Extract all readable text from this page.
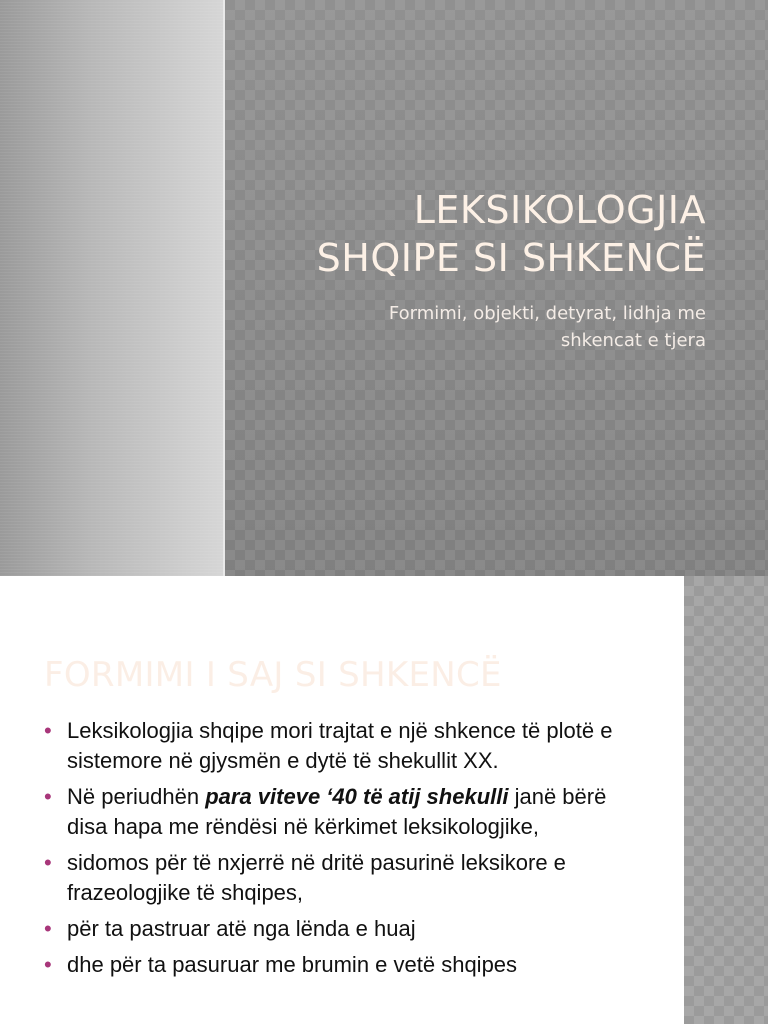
LEKSIKOLOGJIA
SHQIPE SI SHKENCË
Formimi, objekti, detyrat, lidhja me
shkencat e tjera
FORMIMI I SAJ SI SHKENCË
• Leksikologjia shqipe mori trajtat e një shkence të plotë e sistemore në gjysmën e dytë të shekullit XX.
• Në periudhën para viteve ‘40 të atij shekulli janë bërë disa hapa me rëndësi në kërkimet leksikologjike,
• sidomos për të nxjerrë në dritë pasurinë leksikore e frazeologjike të shqipes,
• për ta pastruar atë nga lënda e huaj
• dhe për ta pasuruar me brumin e vetë shqipes
